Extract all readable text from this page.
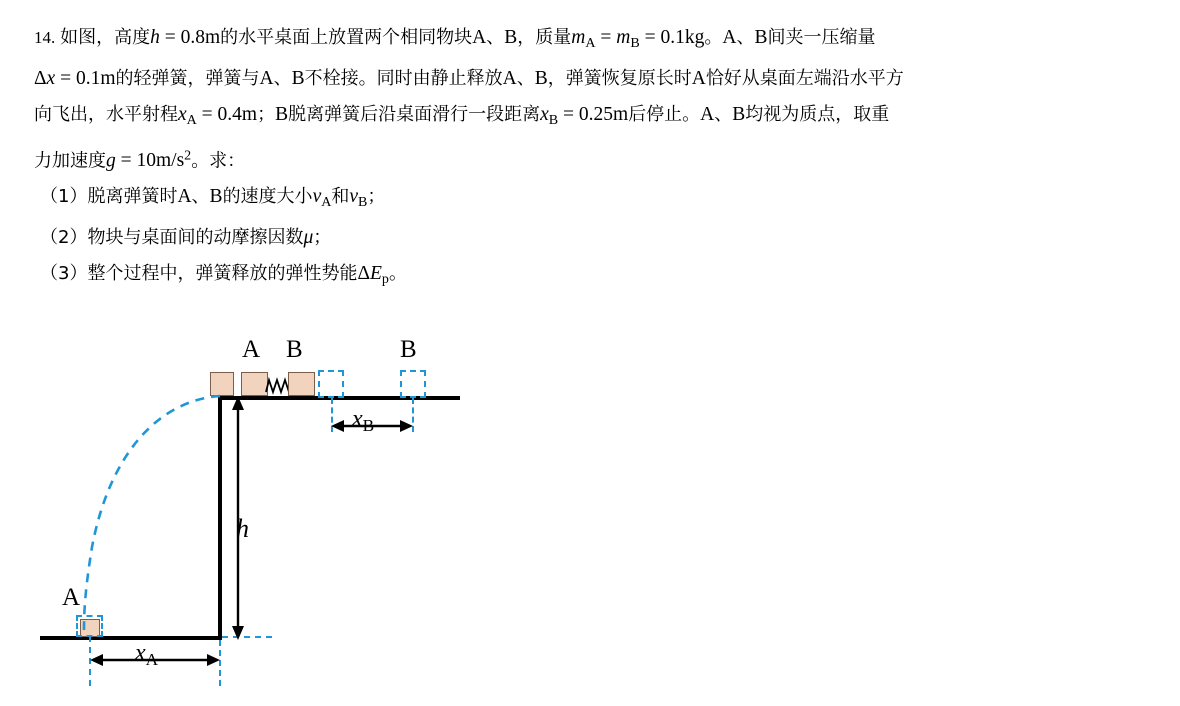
14. 如图，高度h = 0.8m的水平桌面上放置两个相同物块A、B，质量$m_A = m_B = 0.1kg$。A、B间夹一压缩量
Δx = 0.1m的轻弹簧，弹簧与A、B不栓接。同时由静止释放A、B，弹簧恢复原长时A恰好从桌面左端沿水平方
向飞出，水平射程$x_A = 0.4m$；B脱离弹簧后沿桌面滑行一段距离$x_B = 0.25m$后停止。A、B均视为质点，取重
力加速度$g = 10m/s^2$。求：
（1）脱离弹簧时A、B的速度大小$v_A$和$v_B$；
（2）物块与桌面间的动摩擦因数μ；
（3）整个过程中，弹簧释放的弹性势能$\Delta E_p$。
A B	B
A
h
$x_B$
$x_A$
